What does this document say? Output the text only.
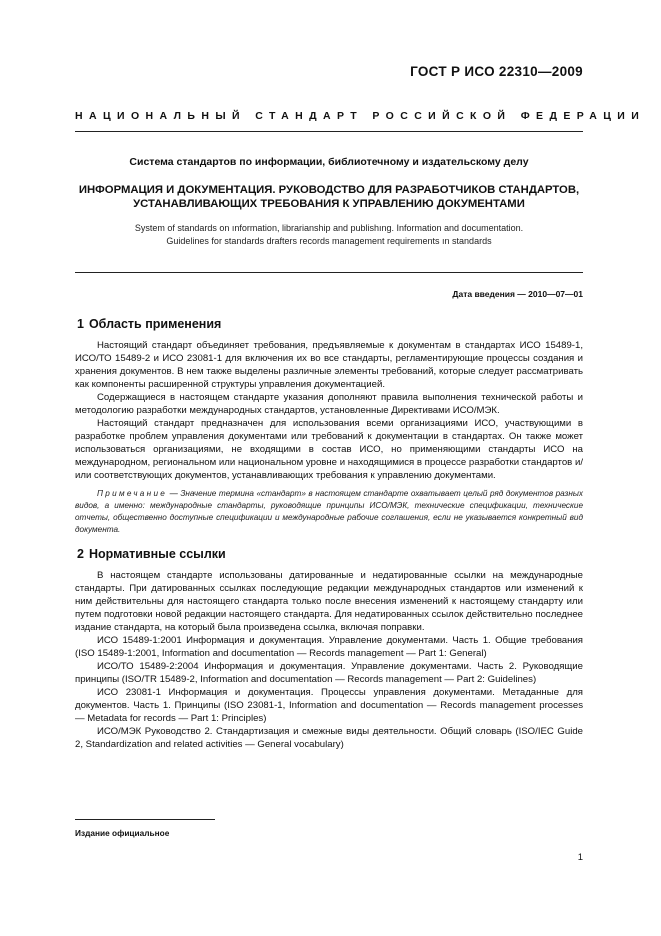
ГОСТ Р ИСО 22310—2009
НАЦИОНАЛЬНЫЙ СТАНДАРТ РОССИЙСКОЙ ФЕДЕРАЦИИ
Система стандартов по информации, библиотечному и издательскому делу
ИНФОРМАЦИЯ И ДОКУМЕНТАЦИЯ. РУКОВОДСТВО ДЛЯ РАЗРАБОТЧИКОВ СТАНДАРТОВ,
УСТАНАВЛИВАЮЩИХ ТРЕБОВАНИЯ К УПРАВЛЕНИЮ ДОКУМЕНТАМИ
System of standards on ınformation, librarianship and publishıng. Information and documentation.
Guidelines for standards drafters records management requirements ın standards
Дата введения — 2010—07—01
1 Область применения

Настоящий стандарт объединяет требования, предъявляемые к документам в стандартах ИСО 15489-1, ИСО/ТО 15489-2 и ИСО 23081-1 для включения их во все стандарты, регламентирующие процессы создания и хранения документов. В нем также выделены различные элементы требований, которые следует рассматривать как компоненты расширенной структуры управления документацией.

Содержащиеся в настоящем стандарте указания дополняют правила выполнения технической работы и методологию разработки международных стандартов, установленные Директивами ИСО/МЭК.

Настоящий стандарт предназначен для использования всеми организациями ИСО, участвующими в разработке проблем управления документами или требований к документации в стандартах. Он также может использоваться организациями, не входящими в состав ИСО, но применяющими стандарты ИСО на международном, региональном или национальном уровне и находящимися в процессе разработки стандартов и/или соответствующих документов, устанавливающих требования к управлению документами.

Примечание — Значение термина «стандарт» в настоящем стандарте охватывает целый ряд документов разных видов, а именно: международные стандарты, руководящие принципы ИСО/МЭК, технические спецификации, технические отчеты, общественно доступные спецификации и международные рабочие соглашения, если не указывается конкретный вид документа.

2 Нормативные ссылки

В настоящем стандарте использованы датированные и недатированные ссылки на международные стандарты. При датированных ссылках последующие редакции международных стандартов или изменений к ним действительны для настоящего стандарта только после внесения изменений к настоящему стандарту или путем подготовки новой редакции настоящего стандарта. Для недатированных ссылок действительно последнее издание стандарта, на который была произведена ссылка, включая поправки.

ИСО 15489-1:2001 Информация и документация. Управление документами. Часть 1. Общие требования (ISO 15489-1:2001, Information and documentation — Records management — Part 1: General)

ИСО/ТО 15489-2:2004 Информация и документация. Управление документами. Часть 2. Руководящие принципы (ISO/TR 15489-2, Information and documentation — Records management — Part 2: Guidelines)

ИСО 23081-1 Информация и документация. Процессы управления документами. Метаданные для документов. Часть 1. Принципы (ISO 23081-1, Information and documentation — Records management processes — Metadata for records — Part 1: Principles)

ИСО/МЭК Руководство 2. Стандартизация и смежные виды деятельности. Общий словарь (ISO/IEC Guide 2, Standardization and related activities — General vocabulary)

Издание официальное
1
